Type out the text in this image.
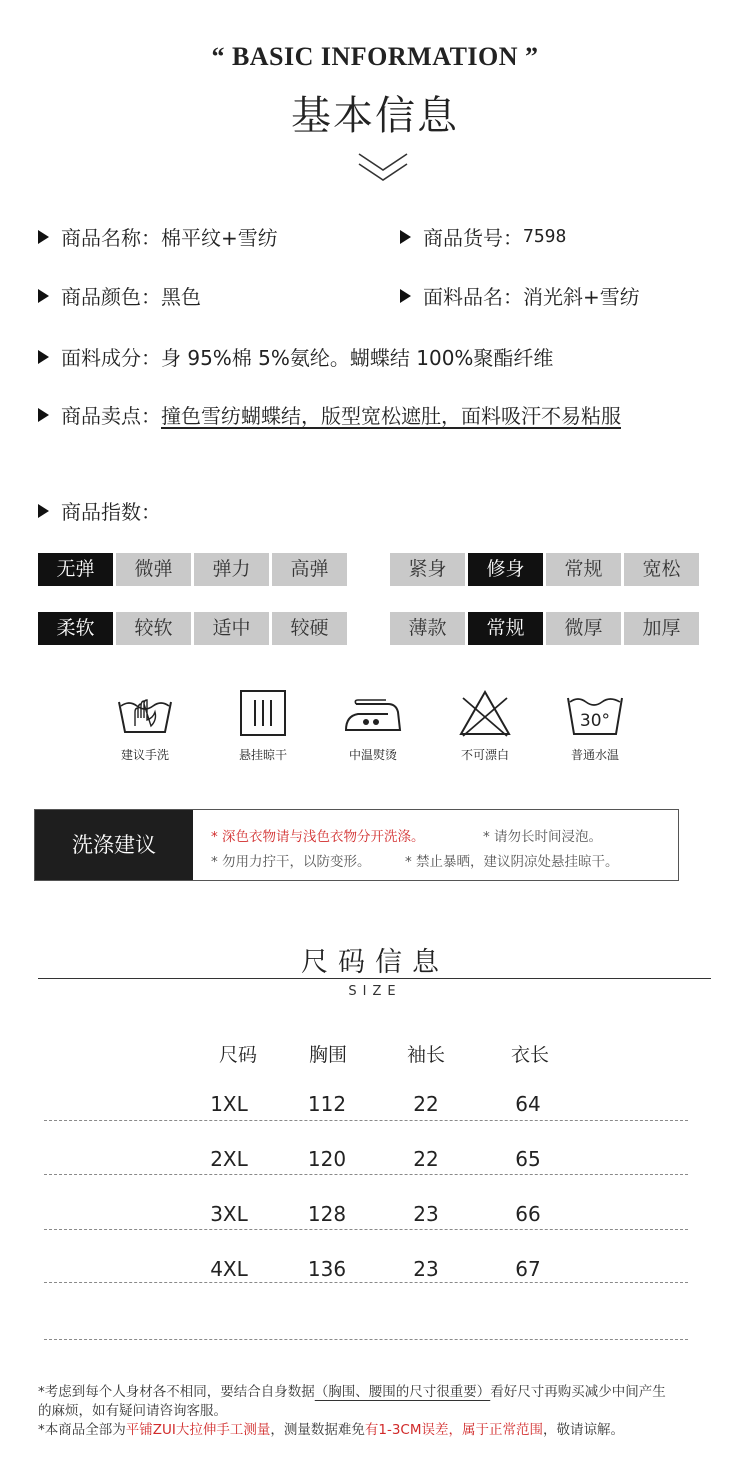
“ BASIC INFORMATION ”
基本信息
商品名称： 棉平纹+雪纺	商品货号： 7598
商品颜色： 黑色	面料品名： 消光斜+雪纺
面料成分： 身 95%棉 5%氨纶。蝴蝶结 100%聚酯纤维
商品卖点： 撞色雪纺蝴蝶结，版型宽松遮肚，面料吸汗不易粘服
商品指数：
无弹	微弹	弹力	高弹	紧身	修身	常规	宽松
柔软	较软	适中	较硬	薄款	常规	微厚	加厚
建议手洗	悬挂晾干	中温熨烫	不可漂白
30°
普通水温
洗涤建议	* 深色衣物请与浅色衣物分开洗涤。	* 请勿长时间浸泡。
* 勿用力拧干，以防变形。	* 禁止暴晒，建议阴凉处悬挂晾干。
尺码信息
SIZE
尺码	胸围	袖长	衣长
1XL	112	22	64
2XL	120	22	65
3XL	128	23	66
4XL	136	23	67
*考虑到每个人身材各不相同，要结合自身数据（胸围、腰围的尺寸很重要）看好尺寸再购买减少中间产生
的麻烦，如有疑问请咨询客服。
*本商品全部为平铺ZUI大拉伸手工测量，测量数据难免有1-3CM误差，属于正常范围，敬请谅解。
